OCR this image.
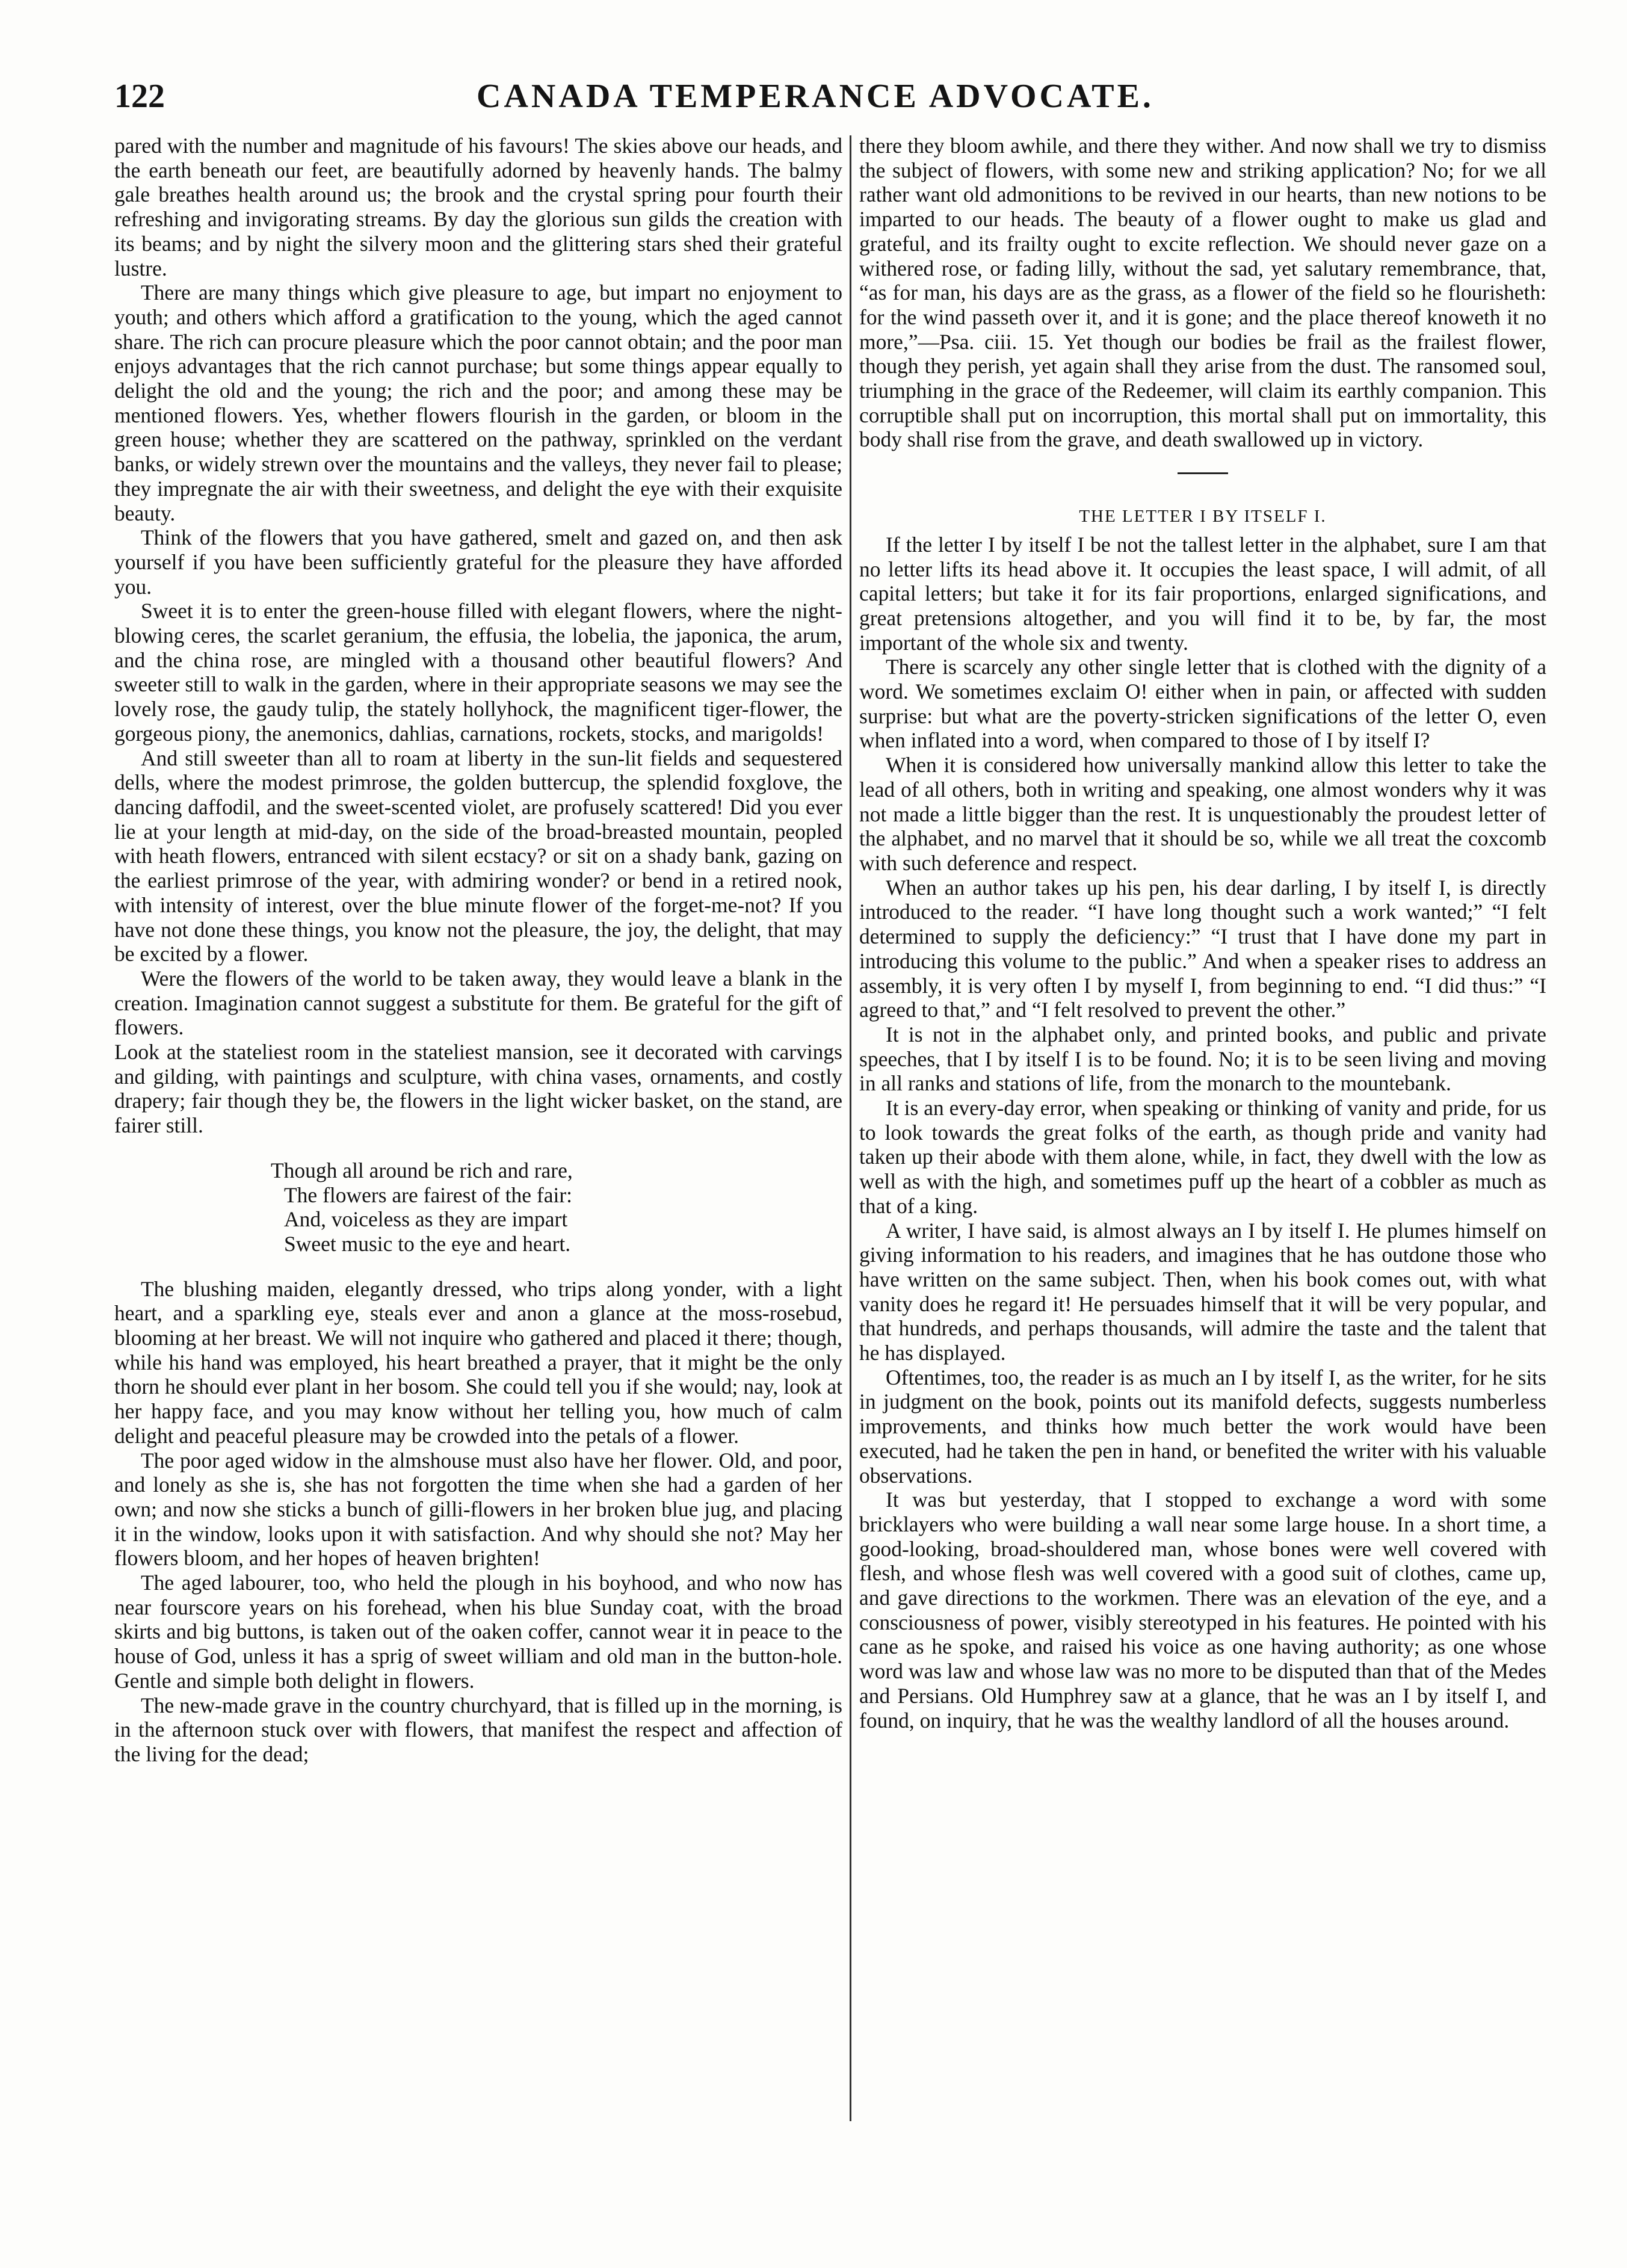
122	CANADA TEMPERANCE ADVOCATE.

pared with the number and magnitude of his favours! The skies above our heads, and the earth beneath our feet, are beautifully adorned by heavenly hands. The balmy gale breathes health around us; the brook and the crystal spring pour fourth their refreshing and invigorating streams. By day the glorious sun gilds the creation with its beams; and by night the silvery moon and the glittering stars shed their grateful lustre.

There are many things which give pleasure to age, but impart no enjoyment to youth; and others which afford a gratification to the young, which the aged cannot share. The rich can procure pleasure which the poor cannot obtain; and the poor man enjoys advantages that the rich cannot purchase; but some things appear equally to delight the old and the young; the rich and the poor; and among these may be mentioned flowers. Yes, whether flowers flourish in the garden, or bloom in the green house; whether they are scattered on the pathway, sprinkled on the verdant banks, or widely strewn over the mountains and the valleys, they never fail to please; they impregnate the air with their sweetness, and delight the eye with their exquisite beauty.

Think of the flowers that you have gathered, smelt and gazed on, and then ask yourself if you have been sufficiently grateful for the pleasure they have afforded you.

Sweet it is to enter the green-house filled with elegant flowers, where the night-blowing ceres, the scarlet geranium, the effusia, the lobelia, the japonica, the arum, and the china rose, are mingled with a thousand other beautiful flowers? And sweeter still to walk in the garden, where in their appropriate seasons we may see the lovely rose, the gaudy tulip, the stately hollyhock, the magnificent tiger-flower, the gorgeous piony, the anemonics, dahlias, carnations, rockets, stocks, and marigolds!

And still sweeter than all to roam at liberty in the sun-lit fields and sequestered dells, where the modest primrose, the golden buttercup, the splendid foxglove, the dancing daffodil, and the sweet-scented violet, are profusely scattered! Did you ever lie at your length at mid-day, on the side of the broad-breasted mountain, peopled with heath flowers, entranced with silent ecstacy? or sit on a shady bank, gazing on the earliest primrose of the year, with admiring wonder? or bend in a retired nook, with intensity of interest, over the blue minute flower of the forget-me-not? If you have not done these things, you know not the pleasure, the joy, the delight, that may be excited by a flower.

Were the flowers of the world to be taken away, they would leave a blank in the creation. Imagination cannot suggest a substitute for them. Be grateful for the gift of flowers.

Look at the stateliest room in the stateliest mansion, see it decorated with carvings and gilding, with paintings and sculpture, with china vases, ornaments, and costly drapery; fair though they be, the flowers in the light wicker basket, on the stand, are fairer still.

Though all around be rich and rare,
The flowers are fairest of the fair:
And, voiceless as they are impart
Sweet music to the eye and heart.

The blushing maiden, elegantly dressed, who trips along yonder, with a light heart, and a sparkling eye, steals ever and anon a glance at the moss-rosebud, blooming at her breast. We will not inquire who gathered and placed it there; though, while his hand was employed, his heart breathed a prayer, that it might be the only thorn he should ever plant in her bosom. She could tell you if she would; nay, look at her happy face, and you may know without her telling you, how much of calm delight and peaceful pleasure may be crowded into the petals of a flower.

The poor aged widow in the almshouse must also have her flower. Old, and poor, and lonely as she is, she has not forgotten the time when she had a garden of her own; and now she sticks a bunch of gilli-flowers in her broken blue jug, and placing it in the window, looks upon it with satisfaction. And why should she not? May her flowers bloom, and her hopes of heaven brighten!

The aged labourer, too, who held the plough in his boyhood, and who now has near fourscore years on his forehead, when his blue Sunday coat, with the broad skirts and big buttons, is taken out of the oaken coffer, cannot wear it in peace to the house of God, unless it has a sprig of sweet william and old man in the button-hole. Gentle and simple both delight in flowers.

The new-made grave in the country churchyard, that is filled up in the morning, is in the afternoon stuck over with flowers, that manifest the respect and affection of the living for the dead;

there they bloom awhile, and there they wither. And now shall we try to dismiss the subject of flowers, with some new and striking application? No; for we all rather want old admonitions to be revived in our hearts, than new notions to be imparted to our heads. The beauty of a flower ought to make us glad and grateful, and its frailty ought to excite reflection. We should never gaze on a withered rose, or fading lilly, without the sad, yet salutary remembrance, that, “as for man, his days are as the grass, as a flower of the field so he flourisheth: for the wind passeth over it, and it is gone; and the place thereof knoweth it no more,”—Psa. ciii. 15. Yet though our bodies be frail as the frailest flower, though they perish, yet again shall they arise from the dust. The ransomed soul, triumphing in the grace of the Redeemer, will claim its earthly companion. This corruptible shall put on incorruption, this mortal shall put on immortality, this body shall rise from the grave, and death swallowed up in victory.

THE LETTER I BY ITSELF I.

If the letter I by itself I be not the tallest letter in the alphabet, sure I am that no letter lifts its head above it. It occupies the least space, I will admit, of all capital letters; but take it for its fair proportions, enlarged significations, and great pretensions altogether, and you will find it to be, by far, the most important of the whole six and twenty.

There is scarcely any other single letter that is clothed with the dignity of a word. We sometimes exclaim O! either when in pain, or affected with sudden surprise: but what are the poverty-stricken significations of the letter O, even when inflated into a word, when compared to those of I by itself I?

When it is considered how universally mankind allow this letter to take the lead of all others, both in writing and speaking, one almost wonders why it was not made a little bigger than the rest. It is unquestionably the proudest letter of the alphabet, and no marvel that it should be so, while we all treat the coxcomb with such deference and respect.

When an author takes up his pen, his dear darling, I by itself I, is directly introduced to the reader. “I have long thought such a work wanted;” “I felt determined to supply the deficiency:” “I trust that I have done my part in introducing this volume to the public.” And when a speaker rises to address an assembly, it is very often I by myself I, from beginning to end. “I did thus:” “I agreed to that,” and “I felt resolved to prevent the other.”

It is not in the alphabet only, and printed books, and public and private speeches, that I by itself I is to be found. No; it is to be seen living and moving in all ranks and stations of life, from the monarch to the mountebank.

It is an every-day error, when speaking or thinking of vanity and pride, for us to look towards the great folks of the earth, as though pride and vanity had taken up their abode with them alone, while, in fact, they dwell with the low as well as with the high, and sometimes puff up the heart of a cobbler as much as that of a king.

A writer, I have said, is almost always an I by itself I. He plumes himself on giving information to his readers, and imagines that he has outdone those who have written on the same subject. Then, when his book comes out, with what vanity does he regard it! He persuades himself that it will be very popular, and that hundreds, and perhaps thousands, will admire the taste and the talent that he has displayed.

Oftentimes, too, the reader is as much an I by itself I, as the writer, for he sits in judgment on the book, points out its manifold defects, suggests numberless improvements, and thinks how much better the work would have been executed, had he taken the pen in hand, or benefited the writer with his valuable observations.

It was but yesterday, that I stopped to exchange a word with some bricklayers who were building a wall near some large house. In a short time, a good-looking, broad-shouldered man, whose bones were well covered with flesh, and whose flesh was well covered with a good suit of clothes, came up, and gave directions to the workmen. There was an elevation of the eye, and a consciousness of power, visibly stereotyped in his features. He pointed with his cane as he spoke, and raised his voice as one having authority; as one whose word was law and whose law was no more to be disputed than that of the Medes and Persians. Old Humphrey saw at a glance, that he was an I by itself I, and found, on inquiry, that he was the wealthy landlord of all the houses around.
